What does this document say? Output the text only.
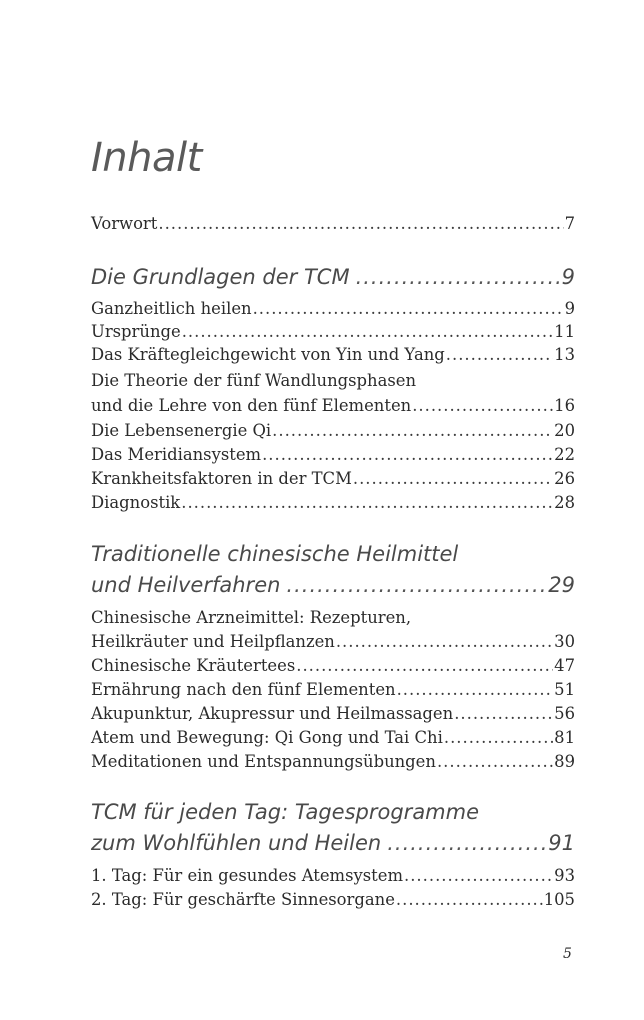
Inhalt
Vorwort .....	7
Die Grundlagen der TCM .....	9
Ganzheitlich heilen .....	9
Ursprünge .....	11
Das Kräftegleichgewicht von Yin und Yang .....	13
Die Theorie der fünf Wandlungsphasen
und die Lehre von den fünf Elementen .....	16
Die Lebensenergie Qi .....	20
Das Meridiansystem .....	22
Krankheitsfaktoren in der TCM .....	26
Diagnostik .....	28
Traditionelle chinesische Heilmittel
und Heilverfahren .....	29
Chinesische Arzneimittel: Rezepturen,
Heilkräuter und Heilpflanzen .....	30
Chinesische Kräutertees .....	47
Ernährung nach den fünf Elementen .....	51
Akupunktur, Akupressur und Heilmassagen .....	56
Atem und Bewegung: Qi Gong und Tai Chi .....	81
Meditationen und Entspannungsübungen .....	89
TCM für jeden Tag: Tagesprogramme
zum Wohlfühlen und Heilen .....	91
1. Tag: Für ein gesundes Atemsystem .....	93
2. Tag: Für geschärfte Sinnesorgane .....	105
5
